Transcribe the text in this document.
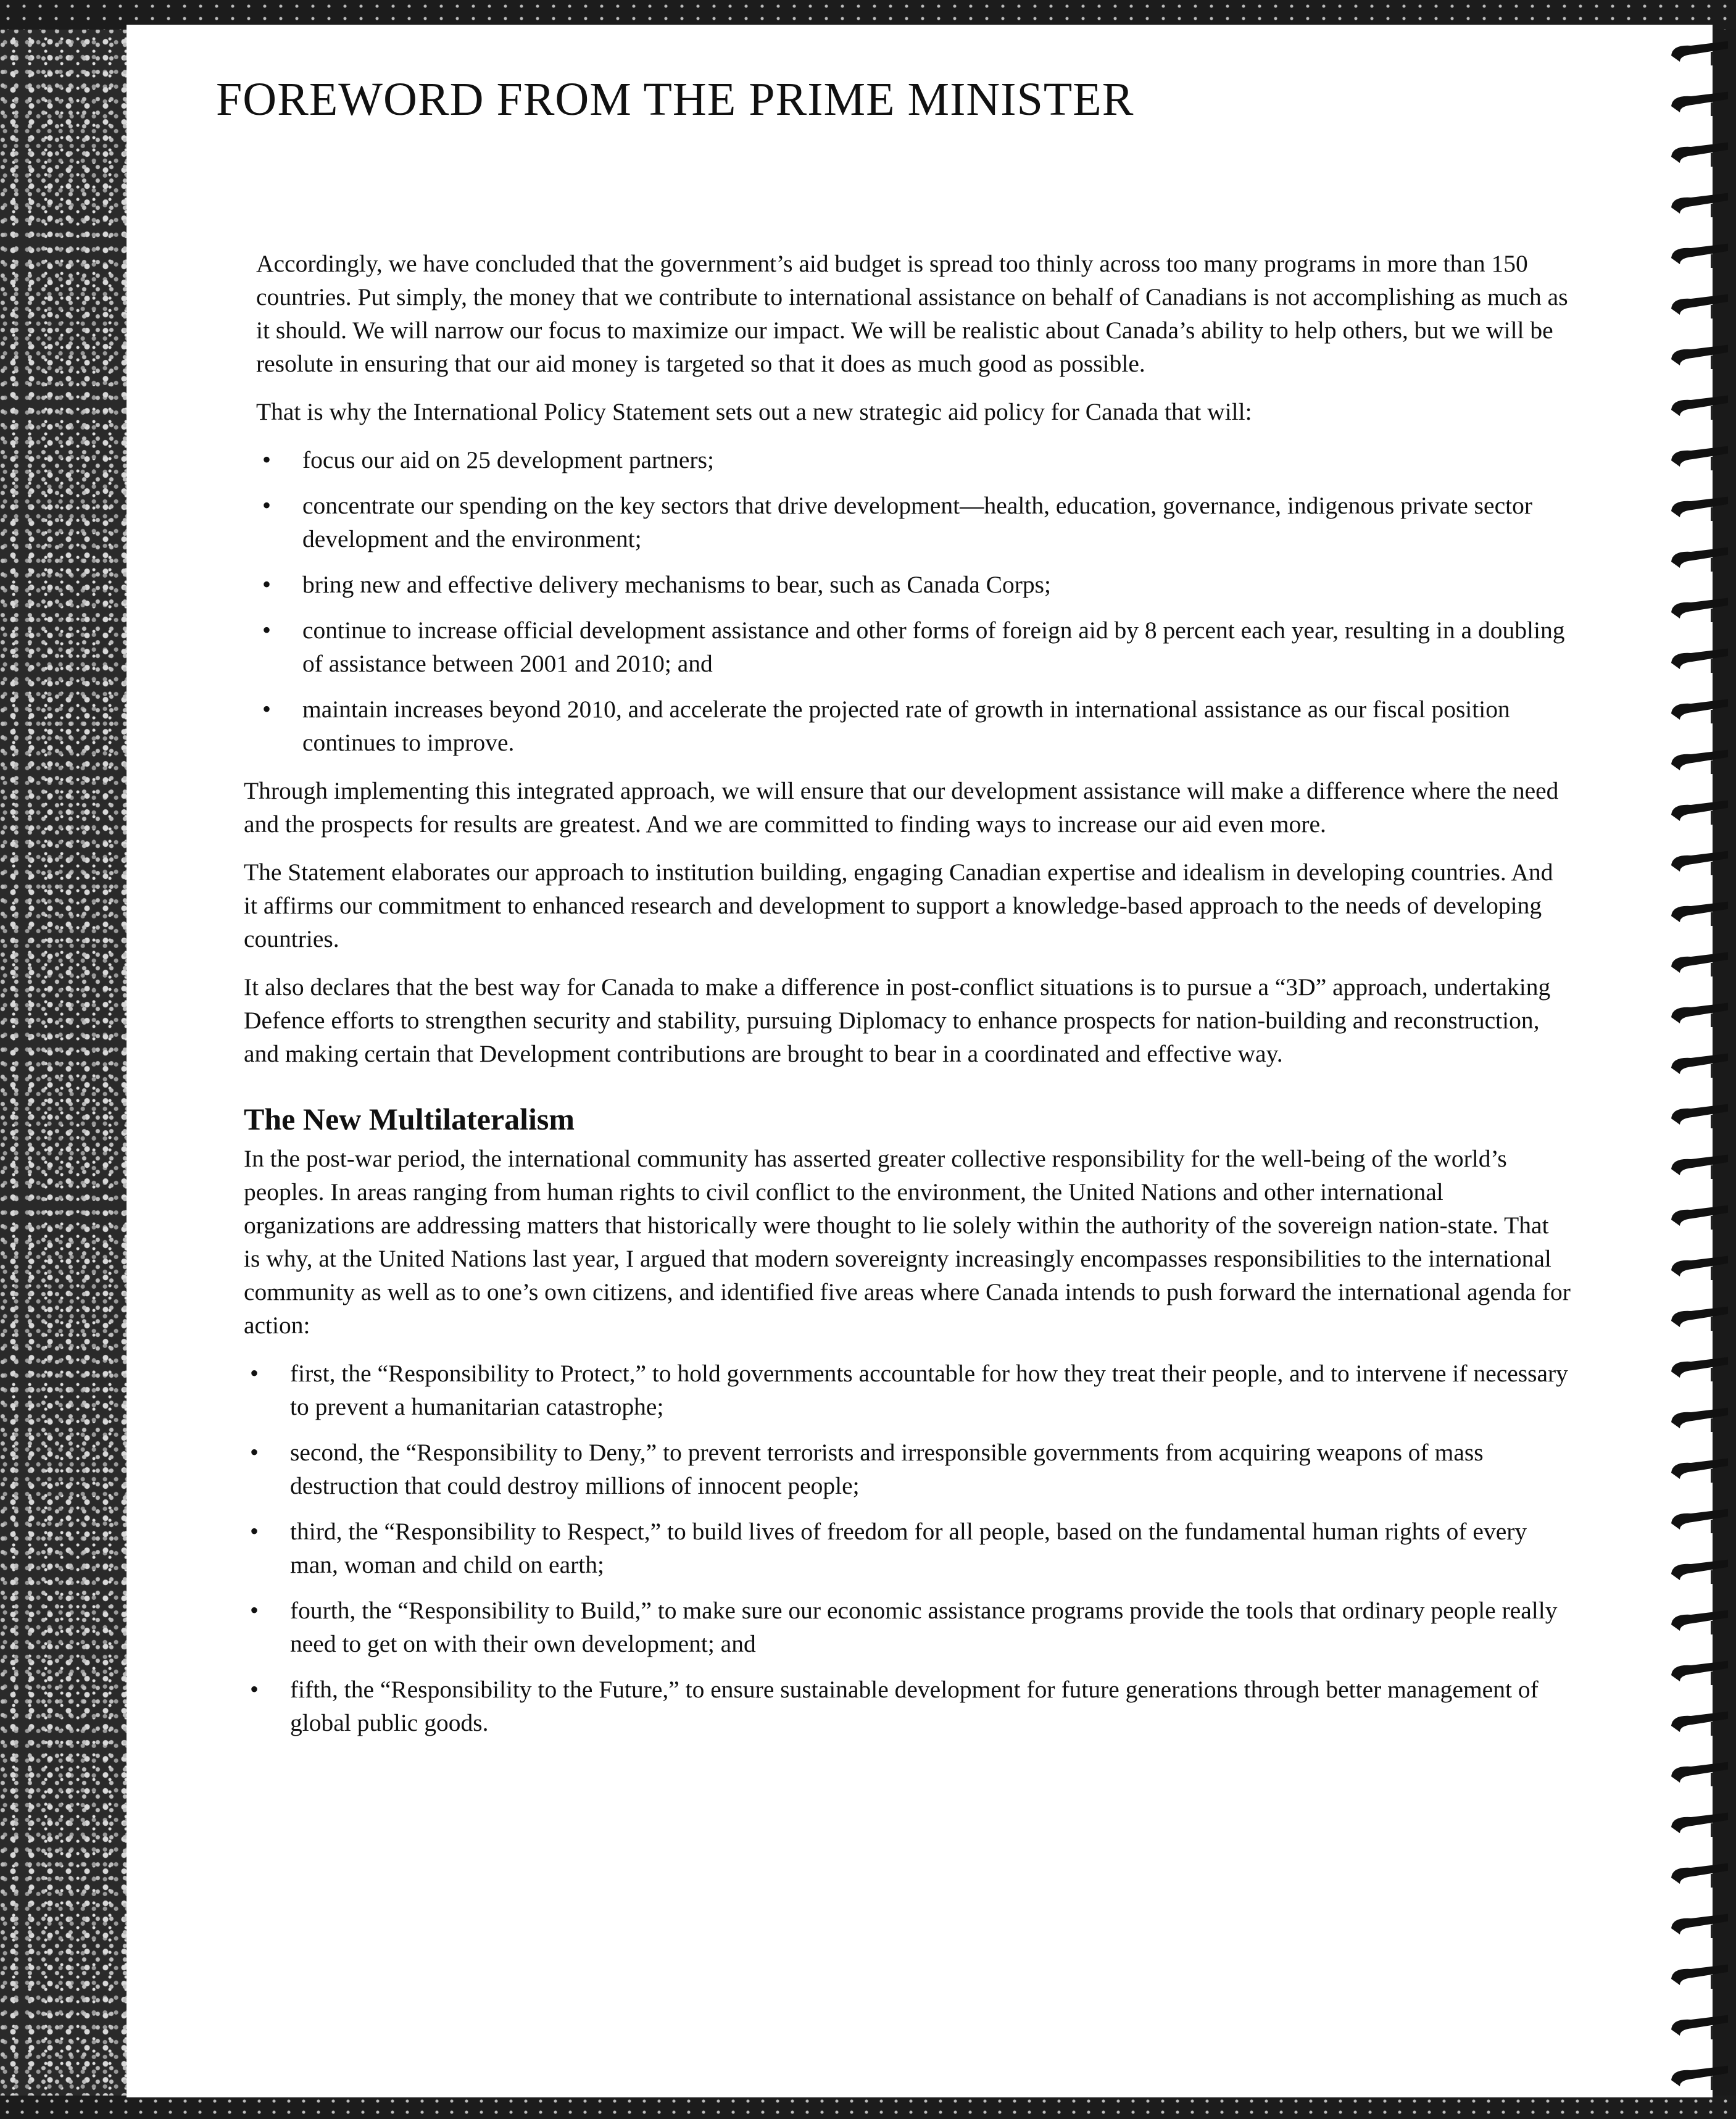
FOREWORD FROM THE PRIME MINISTER

Accordingly, we have concluded that the government’s aid budget is spread too thinly across too many programs in more than 150 countries. Put simply, the money that we contribute to international assistance on behalf of Canadians is not accomplishing as much as it should. We will narrow our focus to maximize our impact. We will be realistic about Canada’s ability to help others, but we will be resolute in ensuring that our aid money is targeted so that it does as much good as possible.

That is why the International Policy Statement sets out a new strategic aid policy for Canada that will:

• focus our aid on 25 development partners;
• concentrate our spending on the key sectors that drive development—health, education, governance, indigenous private sector development and the environment;
• bring new and effective delivery mechanisms to bear, such as Canada Corps;
• continue to increase official development assistance and other forms of foreign aid by 8 percent each year, resulting in a doubling of assistance between 2001 and 2010; and
• maintain increases beyond 2010, and accelerate the projected rate of growth in international assistance as our fiscal position continues to improve.

Through implementing this integrated approach, we will ensure that our development assistance will make a difference where the need and the prospects for results are greatest. And we are committed to finding ways to increase our aid even more.

The Statement elaborates our approach to institution building, engaging Canadian expertise and idealism in developing countries. And it affirms our commitment to enhanced research and development to support a knowledge-based approach to the needs of developing countries.

It also declares that the best way for Canada to make a difference in post-conflict situations is to pursue a “3D” approach, undertaking Defence efforts to strengthen security and stability, pursuing Diplomacy to enhance prospects for nation-building and reconstruction, and making certain that Development contributions are brought to bear in a coordinated and effective way.

The New Multilateralism

In the post-war period, the international community has asserted greater collective responsibility for the well-being of the world’s peoples. In areas ranging from human rights to civil conflict to the environment, the United Nations and other international organizations are addressing matters that historically were thought to lie solely within the authority of the sovereign nation-state. That is why, at the United Nations last year, I argued that modern sovereignty increasingly encompasses responsibilities to the international community as well as to one’s own citizens, and identified five areas where Canada intends to push forward the international agenda for action:

• first, the “Responsibility to Protect,” to hold governments accountable for how they treat their people, and to intervene if necessary to prevent a humanitarian catastrophe;
• second, the “Responsibility to Deny,” to prevent terrorists and irresponsible governments from acquiring weapons of mass destruction that could destroy millions of innocent people;
• third, the “Responsibility to Respect,” to build lives of freedom for all people, based on the fundamental human rights of every man, woman and child on earth;
• fourth, the “Responsibility to Build,” to make sure our economic assistance programs provide the tools that ordinary people really need to get on with their own development; and
• fifth, the “Responsibility to the Future,” to ensure sustainable development for future generations through better management of global public goods.
